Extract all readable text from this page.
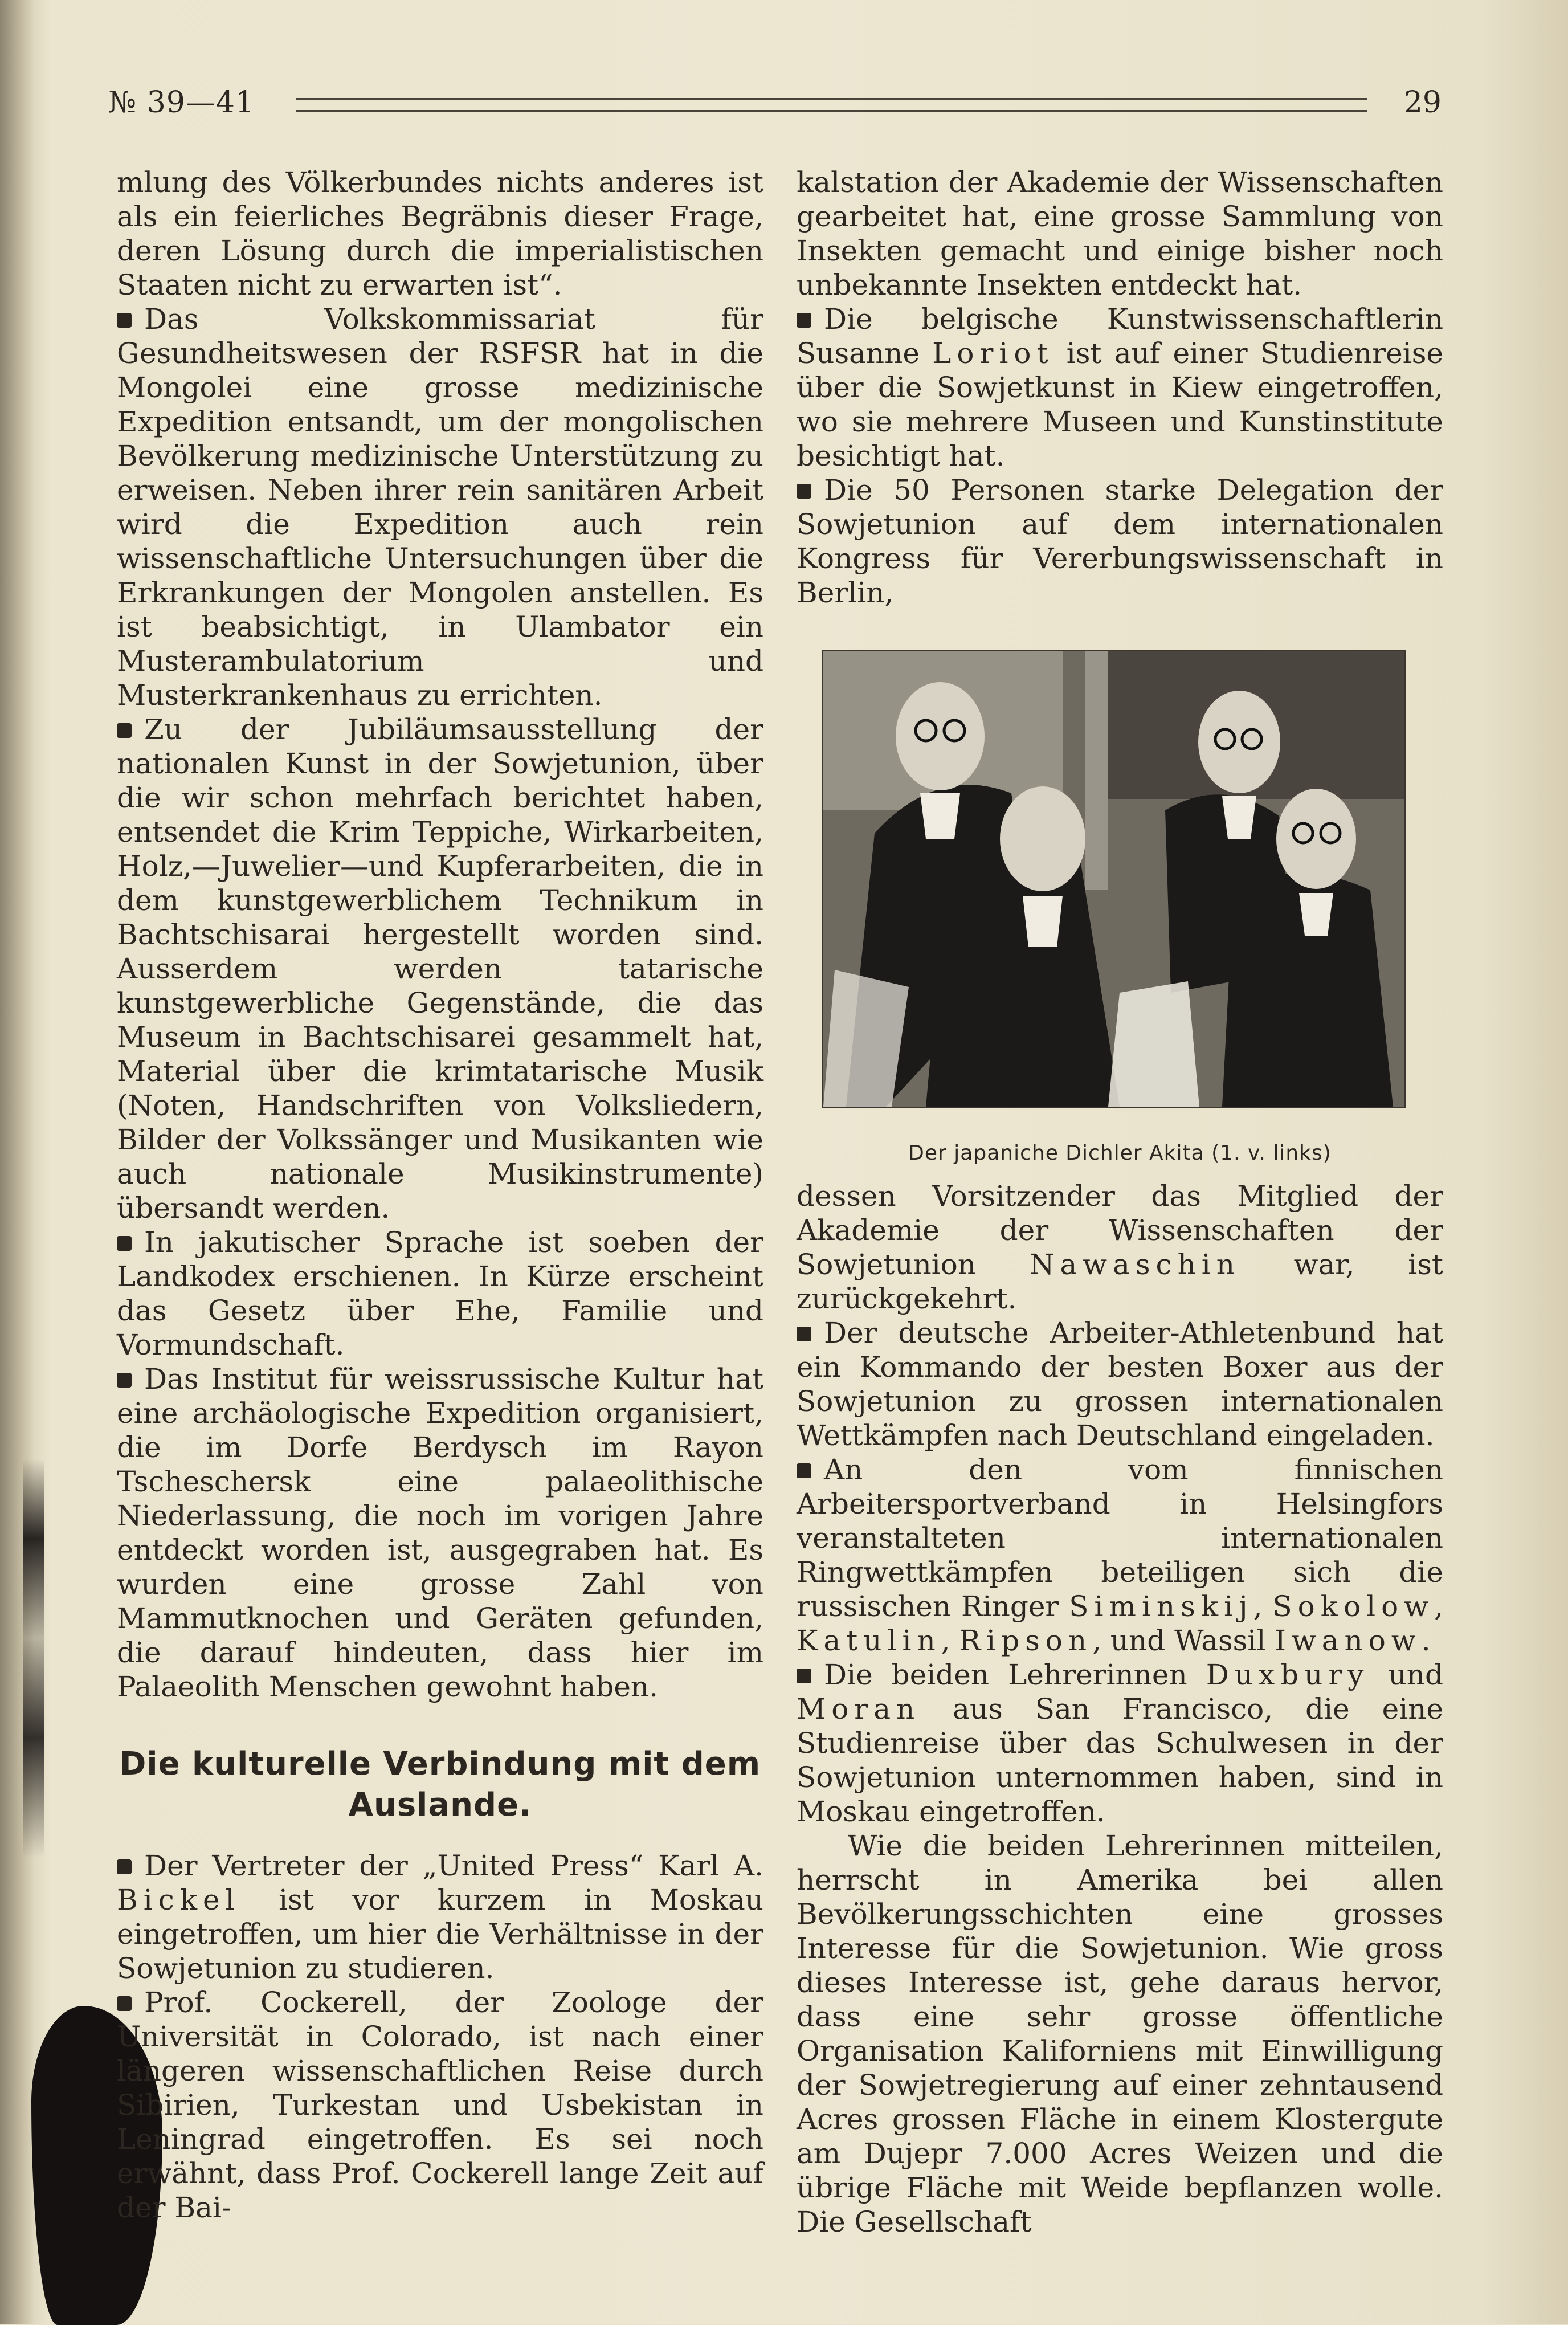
№ 39—41	29

mlung des Völkerbundes nichts anderes ist als ein feierliches Begräbnis dieser Frage, deren Lösung durch die imperialistischen Staaten nicht zu erwarten ist“.

Das Volkskommissariat für Gesundheitswesen der RSFSR hat in die Mongolei eine grosse medizinische Expedition entsandt, um der mongolischen Bevölkerung medizinische Unterstützung zu erweisen. Neben ihrer rein sanitären Arbeit wird die Expedition auch rein wissenschaftliche Untersuchungen über die Erkrankungen der Mongolen anstellen. Es ist beabsichtigt, in Ulambator ein Musterambulatorium und Musterkrankenhaus zu errichten.

Zu der Jubiläumsausstellung der nationalen Kunst in der Sowjetunion, über die wir schon mehrfach berichtet haben, entsendet die Krim Teppiche, Wirkarbeiten, Holz,—Juwelier—und Kupferarbeiten, die in dem kunstgewerblichem Technikum in Bachtschisarai hergestellt worden sind. Ausserdem werden tatarische kunstgewerbliche Gegenstände, die das Museum in Bachtschisarei gesammelt hat, Material über die krimtatarische Musik (Noten, Handschriften von Volksliedern, Bilder der Volkssänger und Musikanten wie auch nationale Musikinstrumente) übersandt werden.

In jakutischer Sprache ist soeben der Landkodex erschienen. In Kürze erscheint das Gesetz über Ehe, Familie und Vormundschaft.

Das Institut für weissrussische Kultur hat eine archäologische Expedition organisiert, die im Dorfe Berdysch im Rayon Tscheschersk eine palaeolithische Niederlassung, die noch im vorigen Jahre entdeckt worden ist, ausgegraben hat. Es wurden eine grosse Zahl von Mammutknochen und Geräten gefunden, die darauf hindeuten, dass hier im Palaeolith Menschen gewohnt haben.

Die kulturelle Verbindung mit dem Auslande.

Der Vertreter der „United Press“ Karl A. Bickel ist vor kurzem in Moskau eingetroffen, um hier die Verhältnisse in der Sowjetunion zu studieren.

Prof. Cockerell, der Zoologe der Universität in Colorado, ist nach einer längeren wissenschaftlichen Reise durch Sibirien, Turkestan und Usbekistan in Leningrad eingetroffen. Es sei noch erwähnt, dass Prof. Cockerell lange Zeit auf der Bai-

kalstation der Akademie der Wissenschaften gearbeitet hat, eine grosse Sammlung von Insekten gemacht und einige bisher noch unbekannte Insekten entdeckt hat.

Die belgische Kunstwissenschaftlerin Susanne Loriot ist auf einer Studienreise über die Sowjetkunst in Kiew eingetroffen, wo sie mehrere Museen und Kunstinstitute besichtigt hat.

Die 50 Personen starke Delegation der Sowjetunion auf dem internationalen Kongress für Vererbungswissenschaft in Berlin,

Der japaniche Dichler Akita (1. v. links)

dessen Vorsitzender das Mitglied der Akademie der Wissenschaften der Sowjetunion Nawaschin war, ist zurückgekehrt.

Der deutsche Arbeiter-Athletenbund hat ein Kommando der besten Boxer aus der Sowjetunion zu grossen internationalen Wettkämpfen nach Deutschland eingeladen.

An den vom finnischen Arbeitersportverband in Helsingfors veranstalteten internationalen Ringwettkämpfen beteiligen sich die russischen Ringer Siminskij, Sokolow, Katulin, Ripson, und Wassil Iwanow.

Die beiden Lehrerinnen Duxbury und Moran aus San Francisco, die eine Studienreise über das Schulwesen in der Sowjetunion unternommen haben, sind in Moskau eingetroffen.

Wie die beiden Lehrerinnen mitteilen, herrscht in Amerika bei allen Bevölkerungsschichten eine grosses Interesse für die Sowjetunion. Wie gross dieses Interesse ist, gehe daraus hervor, dass eine sehr grosse öffentliche Organisation Kaliforniens mit Einwilligung der Sowjetregierung auf einer zehntausend Acres grossen Fläche in einem Klostergute am Dujepr 7.000 Acres Weizen und die übrige Fläche mit Weide bepflanzen wolle. Die Gesellschaft
